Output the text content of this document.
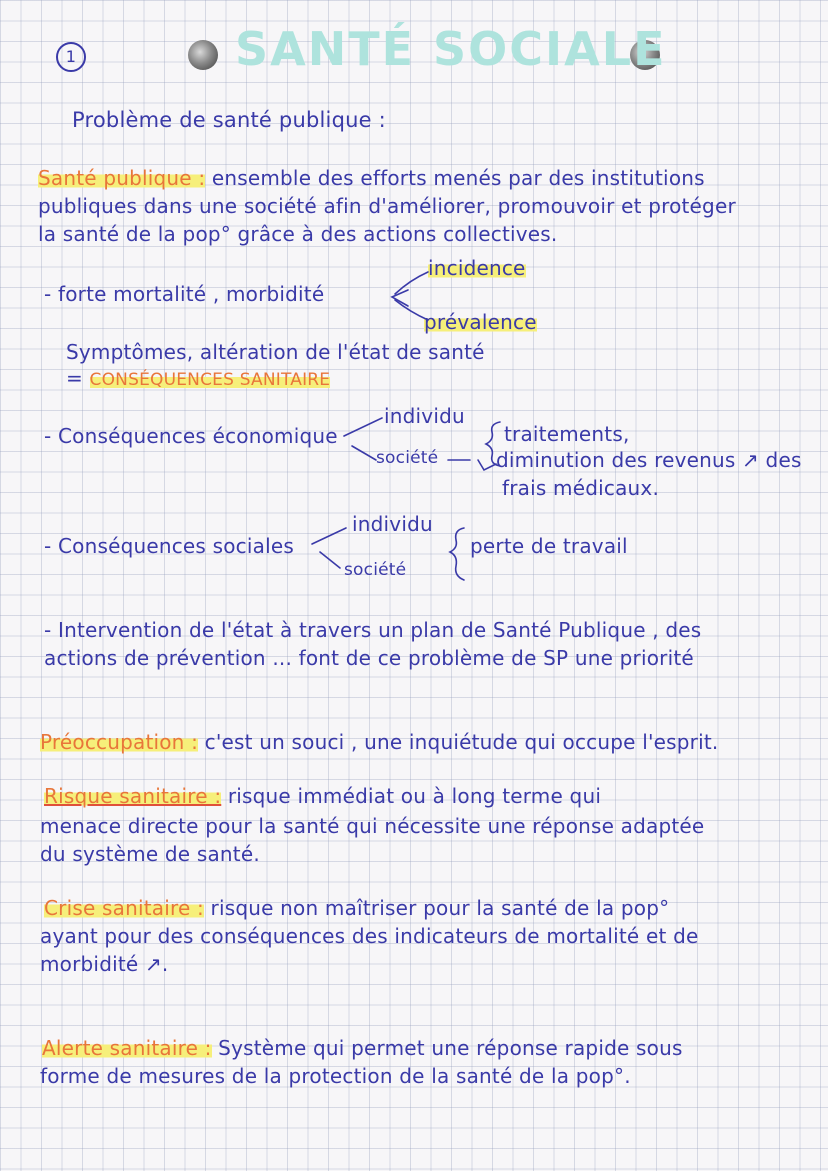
1	SANTÉ SOCIALE
Problème de santé publique :
Santé publique : ensemble des efforts menés par des institutions
publiques dans une société afin d'améliorer, promouvoir et protéger
la santé de la pop° grâce à des actions collectives.
- forte mortalité , morbidité
incidence
prévalence
Symptômes, altération de l'état de santé
= CONSÉQUENCES SANITAIRE
- Conséquences économique
individu
société
traitements,
diminution des revenus ↗ des
frais médicaux.
- Conséquences sociales
individu
société
perte de travail
- Intervention de l'état à travers un plan de Santé Publique , des
actions de prévention ... font de ce problème de SP une priorité
Préoccupation : c'est un souci , une inquiétude qui occupe l'esprit.
Risque sanitaire : risque immédiat ou à long terme qui
menace directe pour la santé qui nécessite une réponse adaptée
du système de santé.
Crise sanitaire : risque non maîtriser pour la santé de la pop°
ayant pour des conséquences des indicateurs de mortalité et de
morbidité ↗.
Alerte sanitaire : Système qui permet une réponse rapide sous
forme de mesures de la protection de la santé de la pop°.
